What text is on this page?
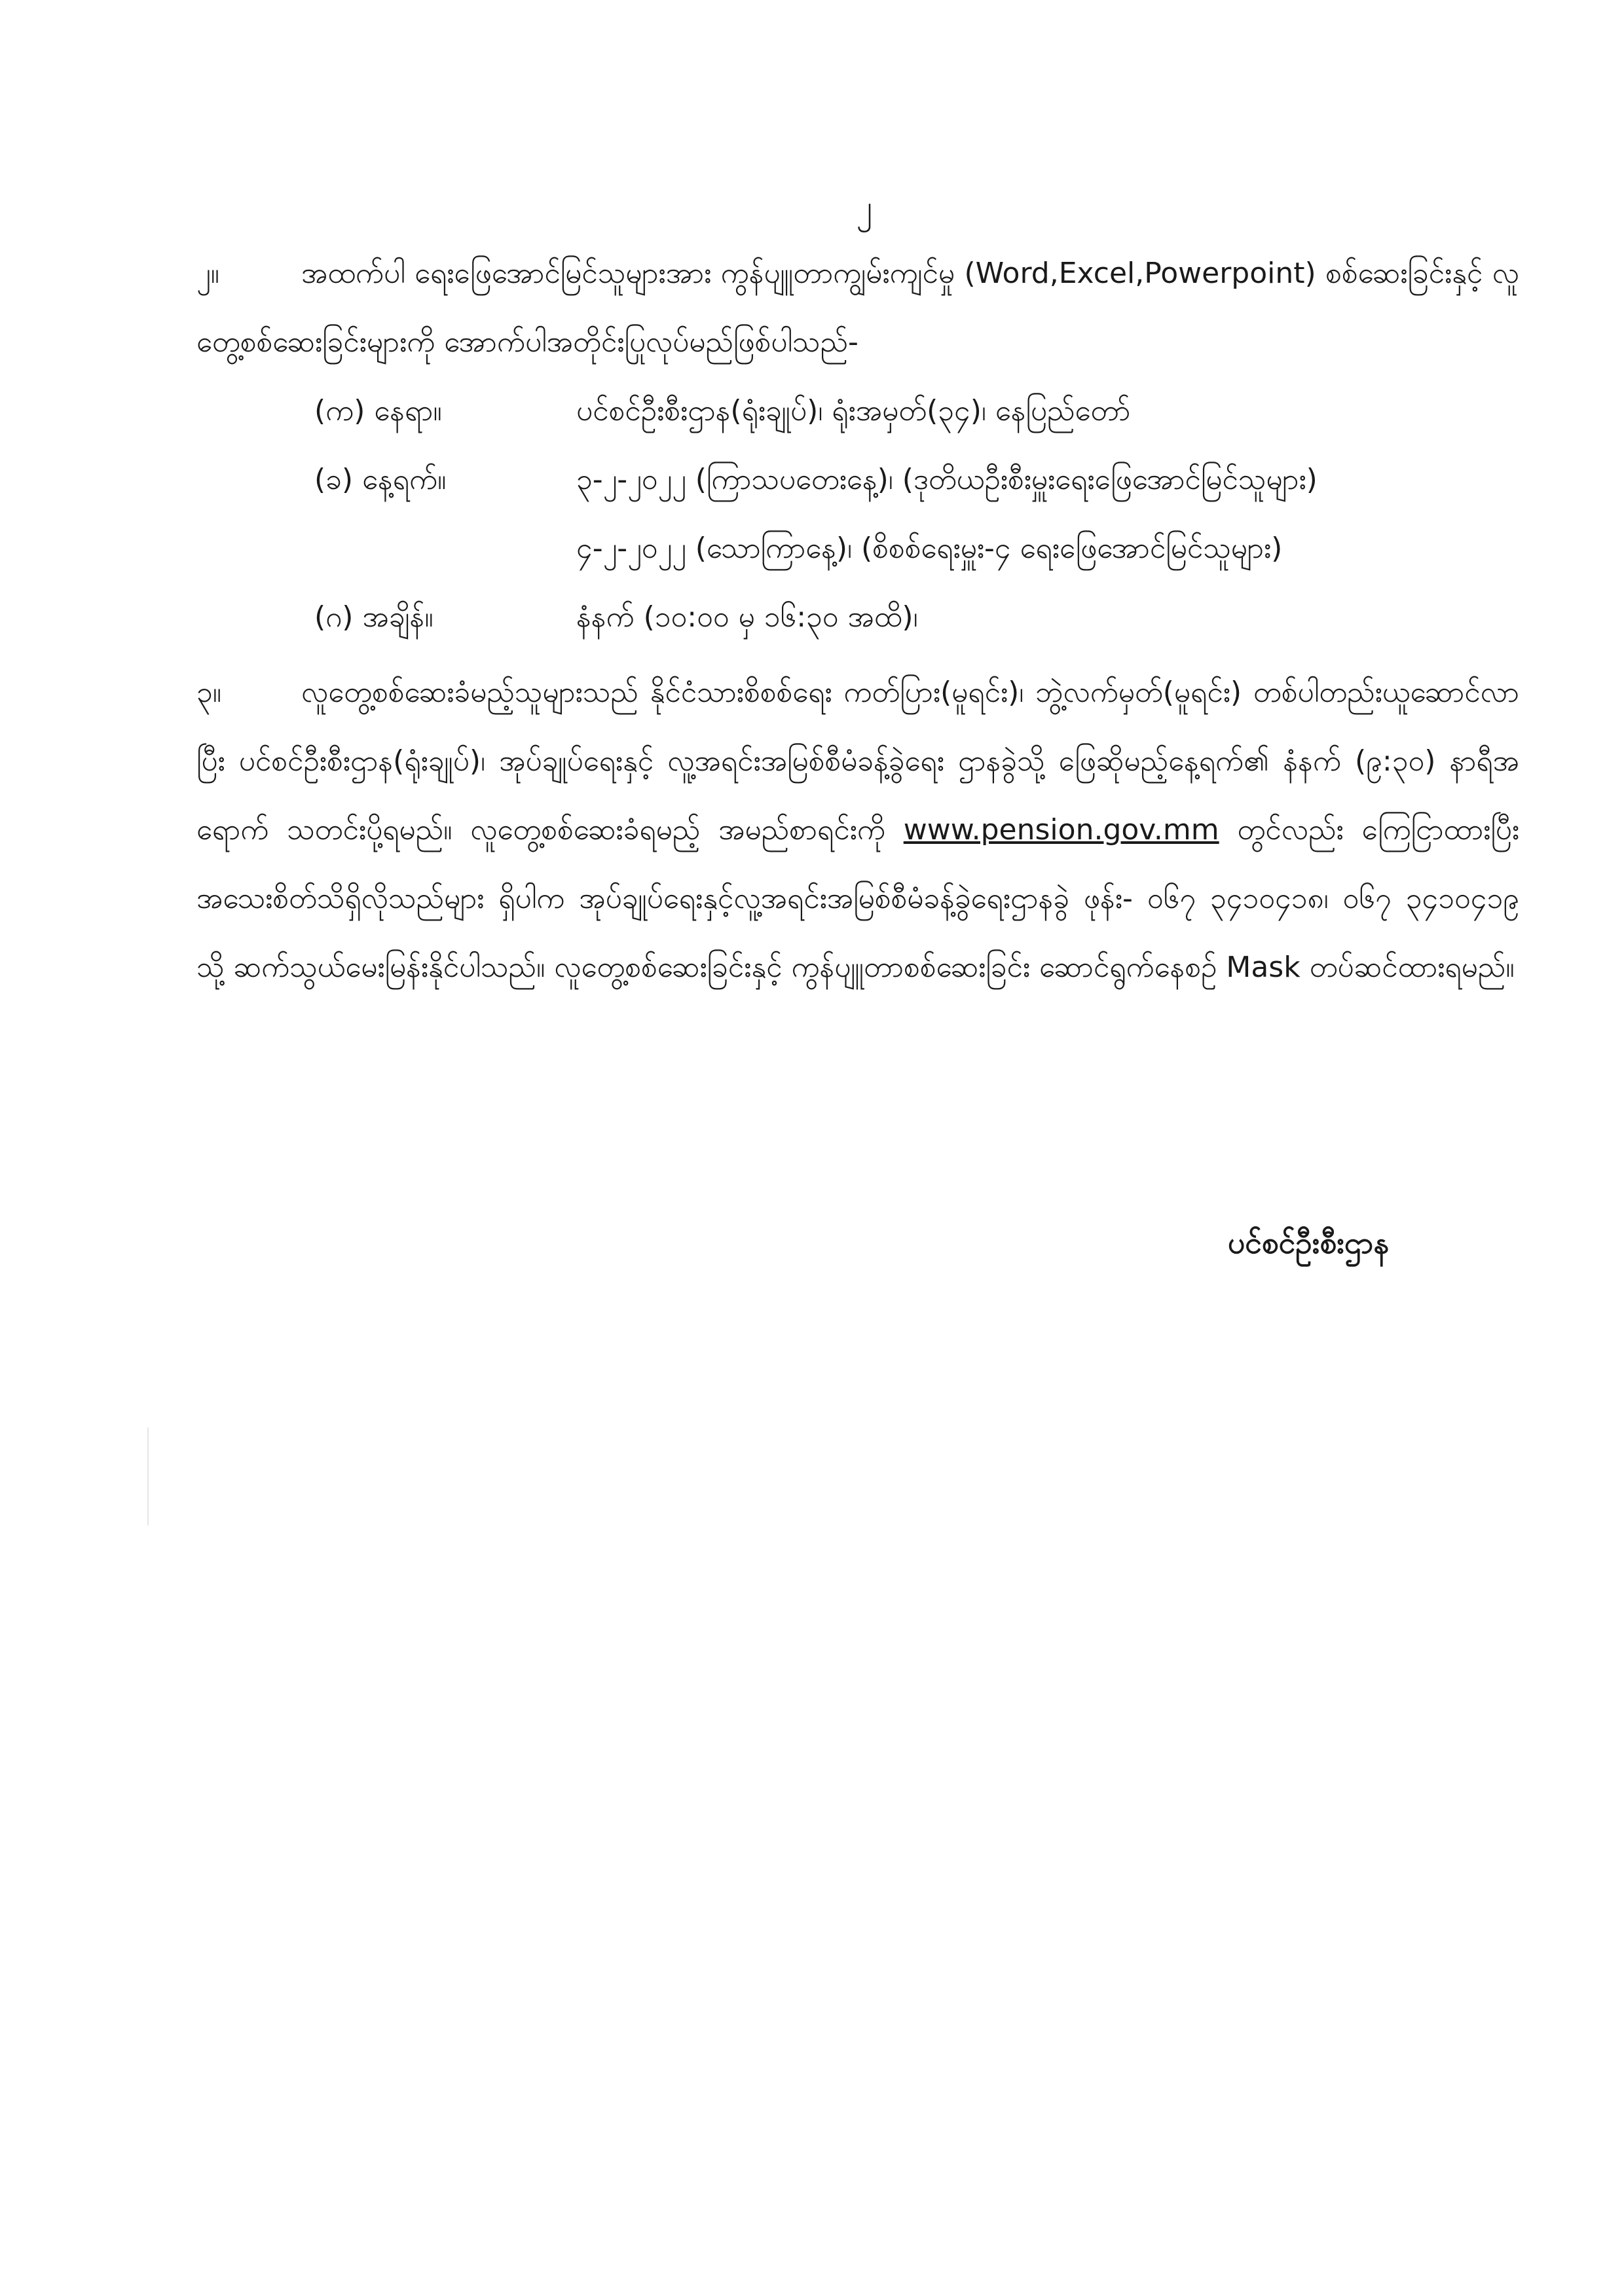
၂
၂။	အထက်ပါ ရေးဖြေအောင်မြင်သူများအား ကွန်ပျူတာကျွမ်းကျင်မှု (Word,Excel,Powerpoint) စစ်ဆေးခြင်းနှင့် လူတွေ့စစ်ဆေးခြင်းများကို အောက်ပါအတိုင်းပြုလုပ်မည်ဖြစ်ပါသည်-
(က) နေရာ။	ပင်စင်ဦးစီးဌာန(ရုံးချုပ်)၊ ရုံးအမှတ်(၃၄)၊ နေပြည်တော်
(ခ) နေ့ရက်။	၃-၂-၂၀၂၂ (ကြာသပတေးနေ့)၊ (ဒုတိယဦးစီးမှူးရေးဖြေအောင်မြင်သူများ)
၄-၂-၂၀၂၂ (သောကြာနေ့)၊ (စိစစ်ရေးမှူး-၄ ရေးဖြေအောင်မြင်သူများ)
(ဂ) အချိန်။	နံနက် (၁၀:၀၀ မှ ၁၆:၃၀ အထိ)၊
၃။	လူတွေ့စစ်ဆေးခံမည့်သူများသည် နိုင်ငံသားစိစစ်ရေး ကတ်ပြား(မူရင်း)၊ ဘွဲ့လက်မှတ်(မူရင်း) တစ်ပါတည်းယူဆောင်လာပြီး ပင်စင်ဦးစီးဌာန(ရုံးချုပ်)၊ အုပ်ချုပ်ရေးနှင့် လူ့အရင်းအမြစ်စီမံခန့်ခွဲရေး ဌာနခွဲသို့ ဖြေဆိုမည့်နေ့ရက်၏ နံနက် (၉:၃၀) နာရီအရောက် သတင်းပို့ရမည်။ လူတွေ့စစ်ဆေးခံရမည့် အမည်စာရင်းကို www.pension.gov.mm တွင်လည်း ကြေငြာထားပြီး အသေးစိတ်သိရှိလိုသည်များ ရှိပါက အုပ်ချုပ်ရေးနှင့်လူ့အရင်းအမြစ်စီမံခန့်ခွဲရေးဌာနခွဲ ဖုန်း- ၀၆၇ ၃၄၁၀၄၁၈၊ ၀၆၇ ၃၄၁၀၄၁၉ သို့ ဆက်သွယ်မေးမြန်းနိုင်ပါသည်။ လူတွေ့စစ်ဆေးခြင်းနှင့် ကွန်ပျူတာစစ်ဆေးခြင်း ဆောင်ရွက်နေစဉ် Mask တပ်ဆင်ထားရမည်။
ပင်စင်ဦးစီးဌာန
